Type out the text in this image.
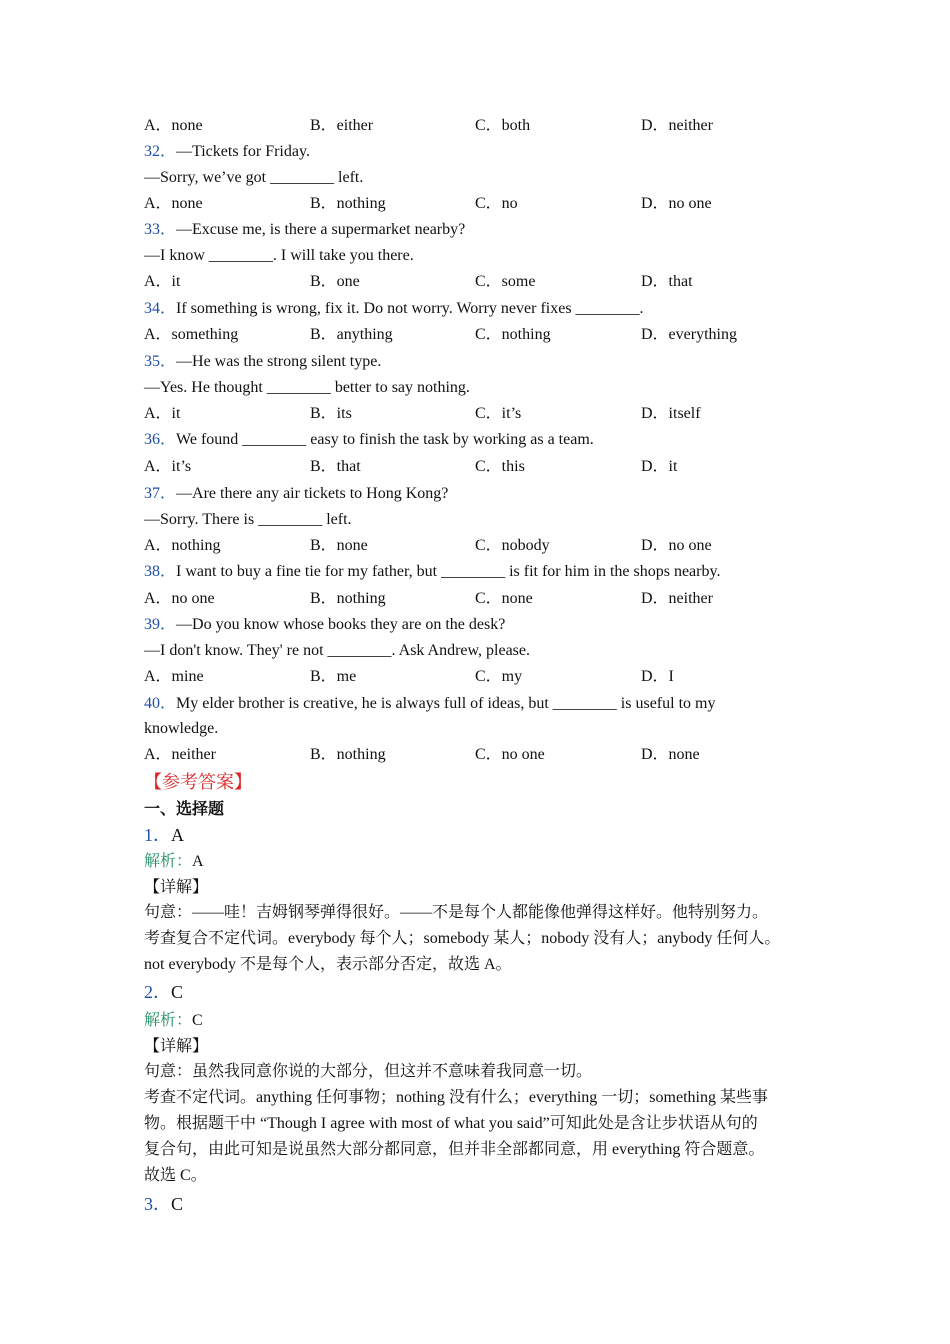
A．none	B．either	C．both	D．neither
32．—Tickets for Friday.
—Sorry, we’ve got ________ left.
A．none	B．nothing	C．no	D．no one
33．—Excuse me, is there a supermarket nearby?
—I know ________. I will take you there.
A．it	B．one	C．some	D．that
34．If something is wrong, fix it. Do not worry. Worry never fixes ________.
A．something	B．anything	C．nothing	D．everything
35．—He was the strong silent type.
—Yes. He thought ________ better to say nothing.
A．it	B．its	C．it’s	D．itself
36．We found ________ easy to finish the task by working as a team.
A．it’s	B．that	C．this	D．it
37．—Are there any air tickets to Hong Kong?
—Sorry. There is ________ left.
A．nothing	B．none	C．nobody	D．no one
38．I want to buy a fine tie for my father, but ________ is fit for him in the shops nearby.
A．no one	B．nothing	C．none	D．neither
39．—Do you know whose books they are on the desk?
—I don't know. They' re not ________. Ask Andrew, please.
A．mine	B．me	C．my	D．I
40．My elder brother is creative, he is always full of ideas, but ________ is useful to my
knowledge.
A．neither	B．nothing	C．no one	D．none
【参考答案】
一、选择题
1．A
解析：A
【详解】
句意：——哇！吉姆钢琴弹得很好。——不是每个人都能像他弹得这样好。他特别努力。
考查复合不定代词。everybody 每个人；somebody 某人；nobody 没有人；anybody 任何人。
not everybody 不是每个人，表示部分否定，故选 A。
2．C
解析：C
【详解】
句意：虽然我同意你说的大部分，但这并不意味着我同意一切。
考查不定代词。anything 任何事物；nothing 没有什么；everything 一切；something 某些事
物。根据题干中 “Though I agree with most of what you said”可知此处是含让步状语从句的
复合句，由此可知是说虽然大部分都同意，但并非全部都同意，用 everything 符合题意。
故选 C。
3．C
